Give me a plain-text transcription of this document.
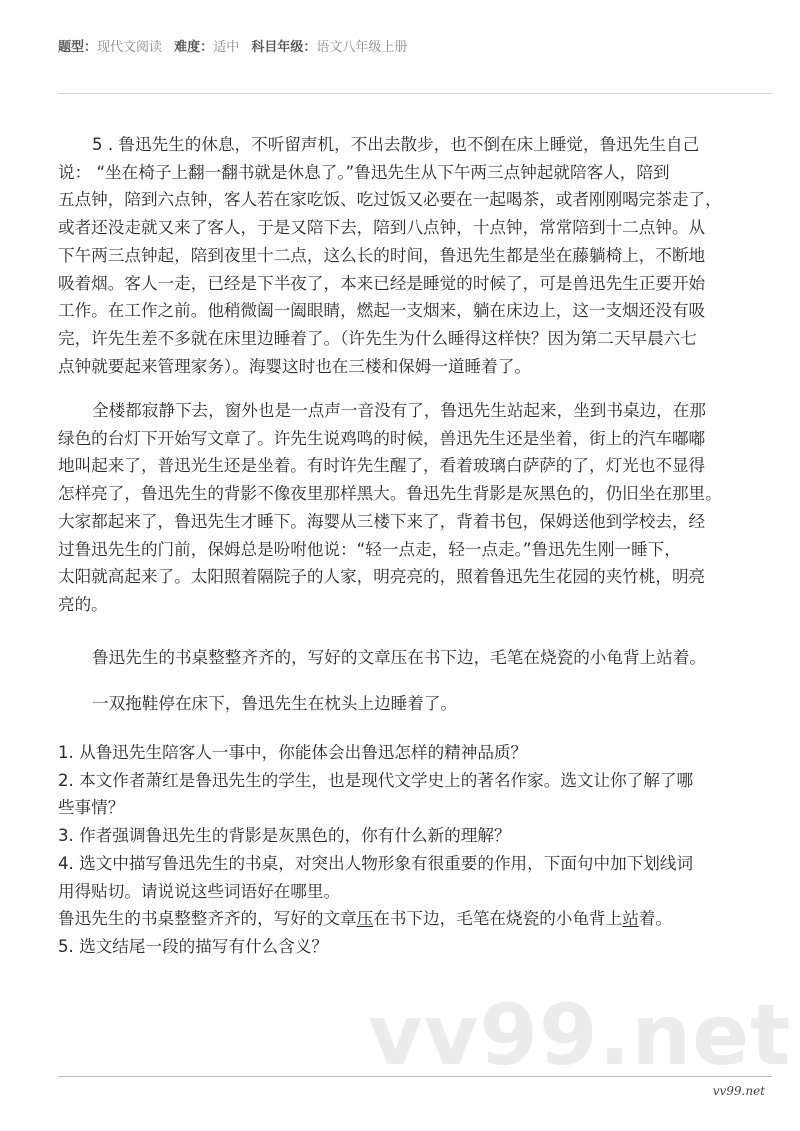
题型：现代文阅读 难度：适中 科目年级：语文八年级上册
5 . 鲁迅先生的休息，不听留声机，不出去散步，也不倒在床上睡觉，鲁迅先生自己
说： “坐在椅子上翻一翻书就是休息了。”鲁迅先生从下午两三点钟起就陪客人，陪到
五点钟，陪到六点钟，客人若在家吃饭、吃过饭又必要在一起喝茶，或者刚刚喝完茶走了，
或者还没走就又来了客人，于是又陪下去，陪到八点钟，十点钟，常常陪到十二点钟。从
下午两三点钟起，陪到夜里十二点，这么长的时间，鲁迅先生都是坐在藤躺椅上，不断地
吸着烟。客人一走，已经是下半夜了，本来已经是睡觉的时候了，可是兽迅先生正要开始
工作。在工作之前。他稍微阖一阖眼睛，燃起一支烟来，躺在床边上，这一支烟还没有吸
完，许先生差不多就在床里边睡着了。（许先生为什么睡得这样快？因为第二天早晨六七
点钟就要起来管理家务）。海婴这时也在三楼和保姆一道睡着了。
全楼都寂静下去，窗外也是一点声一音没有了，鲁迅先生站起来，坐到书桌边，在那
绿色的台灯下开始写文章了。许先生说鸡鸣的时候，兽迅先生还是坐着，街上的汽车嘟嘟
地叫起来了，普迅光生还是坐着。有时许先生醒了，看着玻璃白萨萨的了，灯光也不显得
怎样亮了，鲁迅先生的背影不像夜里那样黑大。鲁迅先生背影是灰黑色的，仍旧坐在那里。
大家都起来了，鲁迅先生才睡下。海婴从三楼下来了，背着书包，保姆送他到学校去，经
过鲁迅先生的门前，保姆总是吩咐他说：“轻一点走，轻一点走。”鲁迅先生刚一睡下，
太阳就高起来了。太阳照着隔院子的人家，明亮亮的，照着鲁迅先生花园的夹竹桃，明亮
亮的。
鲁迅先生的书桌整整齐齐的，写好的文章压在书下边，毛笔在烧瓷的小龟背上站着。
一双拖鞋停在床下，鲁迅先生在枕头上边睡着了。
1. 从鲁迅先生陪客人一事中，你能体会出鲁迅怎样的精神品质？
2. 本文作者萧红是鲁迅先生的学生，也是现代文学史上的著名作家。选文让你了解了哪
些事情？
3. 作者强调鲁迅先生的背影是灰黑色的，你有什么新的理解？
4. 选文中描写鲁迅先生的书桌，对突出人物形象有很重要的作用，下面句中加下划线词
用得贴切。请说说这些词语好在哪里。
鲁迅先生的书桌整整齐齐的，写好的文章压在书下边，毛笔在烧瓷的小龟背上站着。
5. 选文结尾一段的描写有什么含义？
vv99.net
vv99.net
